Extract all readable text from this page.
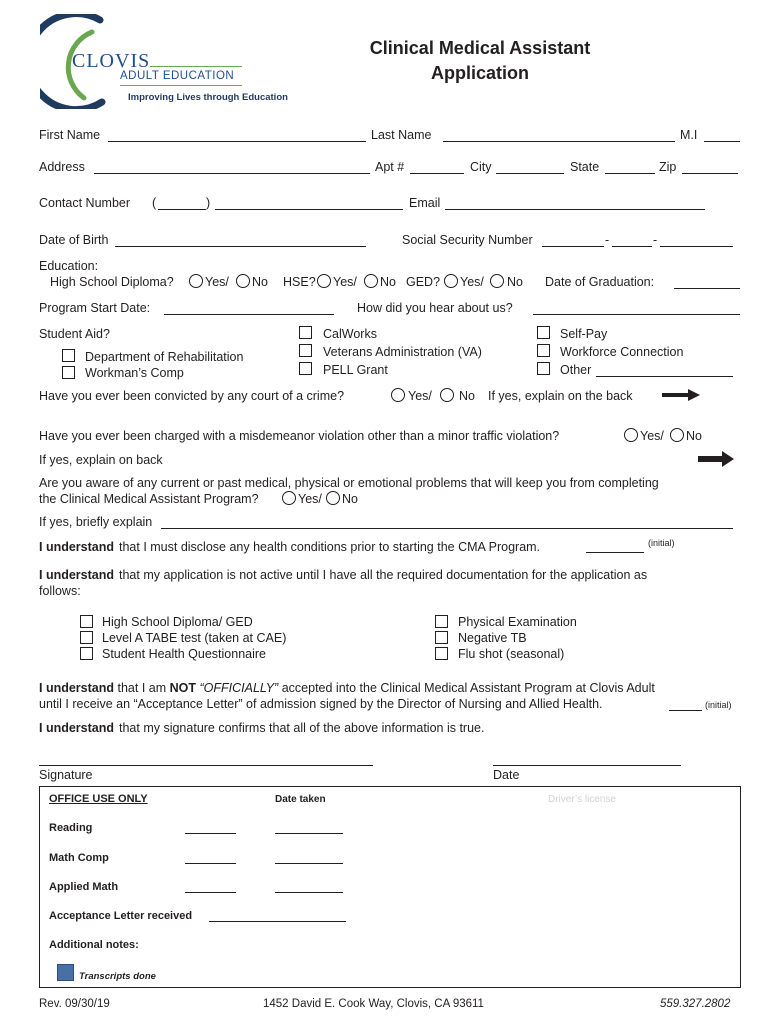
CLOVIS
ADULT EDUCATION
Improving Lives through Education
Clinical Medical Assistant
Application
First Name	Last Name	M.I
Address	Apt #	City	State	Zip
Contact Number (	)	Email
Date of Birth	Social Security Number	-	-
Education:
High School Diploma?	Yes/ No HSE? Yes/ No GED? Yes/ No Date of Graduation:
Program Start Date:	How did you hear about us?
Student Aid?
Department of Rehabilitation
Workman’s Comp
CalWorks
Veterans Administration (VA)
PELL Grant
Self-Pay
Workforce Connection
Other
Have you ever been convicted by any court of a crime?	Yes/ No If yes, explain on the back
Have you ever been charged with a misdemeanor violation other than a minor traffic violation?	Yes/ No
If yes, explain on back
Are you aware of any current or past medical, physical or emotional problems that will keep you from completing
the Clinical Medical Assistant Program?	Yes/ No
If yes, briefly explain
I understand that I must disclose any health conditions prior to starting the CMA Program.	(initial)
I understand that my application is not active until I have all the required documentation for the application as
follows:
High School Diploma/ GED
Level A TABE test (taken at CAE)
Student Health Questionnaire
Physical Examination
Negative TB
Flu shot (seasonal)
I understand that I am NOT “OFFICIALLY” accepted into the Clinical Medical Assistant Program at Clovis Adult
until I receive an “Acceptance Letter” of admission signed by the Director of Nursing and Allied Health.	(initial)
I understand that my signature confirms that all of the above information is true.
Signature	Date
OFFICE USE ONLY	Date taken	Driver’s license
Reading
Math Comp
Applied Math
Acceptance Letter received
Additional notes:
Transcripts done
Rev. 09/30/19	1452 David E. Cook Way, Clovis, CA 93611	559.327.2802
